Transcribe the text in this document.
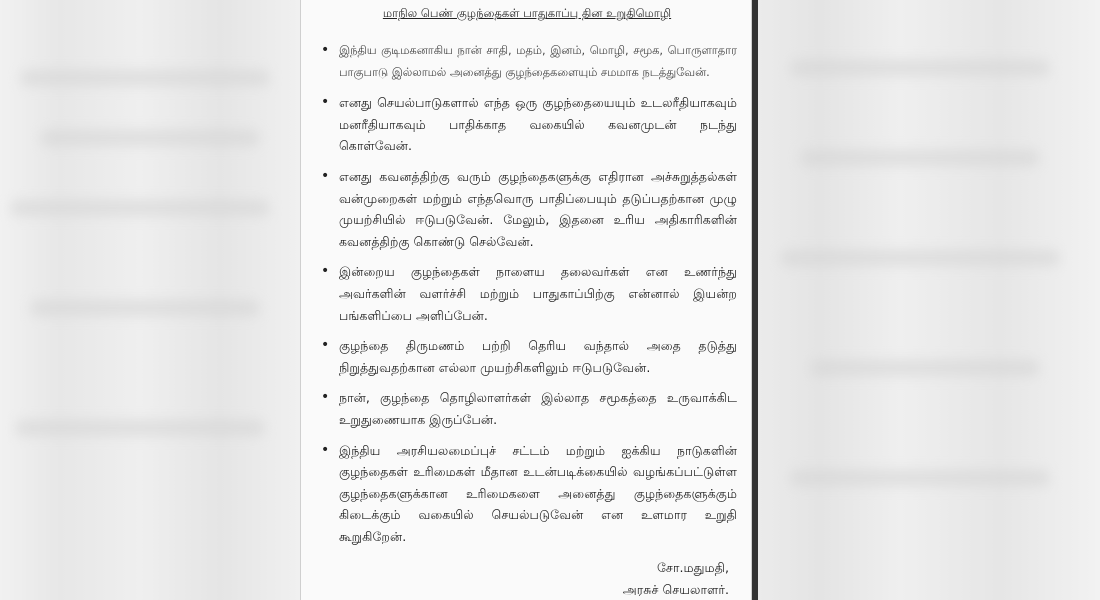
மாநில பெண் குழந்தைகள் பாதுகாப்பு தின உறுதிமொழி
• இந்திய குடிமகனாகிய நான் சாதி, மதம், இனம், மொழி, சமூக, பொருளாதார பாகுபாடு இல்லாமல் அனைத்து குழந்தைகளையும் சமமாக நடத்துவேன்.
• எனது செயல்பாடுகளால் எந்த ஒரு குழந்தையையும் உடலரீதியாகவும் மனரீதியாகவும் பாதிக்காத வகையில் கவனமுடன் நடந்து கொள்வேன்.
• எனது கவனத்திற்கு வரும் குழந்தைகளுக்கு எதிரான அச்சுறுத்தல்கள் வன்முறைகள் மற்றும் எந்தவொரு பாதிப்பையும் தடுப்பதற்கான முழு முயற்சியில் ஈடுபடுவேன். மேலும், இதனை உரிய அதிகாரிகளின் கவனத்திற்கு கொண்டு செல்வேன்.
• இன்றைய குழந்தைகள் நாளைய தலைவர்கள் என உணர்ந்து அவர்களின் வளர்ச்சி மற்றும் பாதுகாப்பிற்கு என்னால் இயன்ற பங்களிப்பை அளிப்பேன்.
• குழந்தை திருமணம் பற்றி தெரிய வந்தால் அதை தடுத்து நிறுத்துவதற்கான எல்லா முயற்சிகளிலும் ஈடுபடுவேன்.
• நான், குழந்தை தொழிலாளர்கள் இல்லாத சமூகத்தை உருவாக்கிட உறுதுணையாக இருப்பேன்.
• இந்திய அரசியலமைப்புச் சட்டம் மற்றும் ஐக்கிய நாடுகளின் குழந்தைகள் உரிமைகள் மீதான உடன்படிக்கையில் வழங்கப்பட்டுள்ள குழந்தைகளுக்கான உரிமைகளை அனைத்து குழந்தைகளுக்கும் கிடைக்கும் வகையில் செயல்படுவேன் என உளமார உறுதி கூறுகிறேன்.
சோ.மதுமதி,
அரசுச் செயலாளர்.
